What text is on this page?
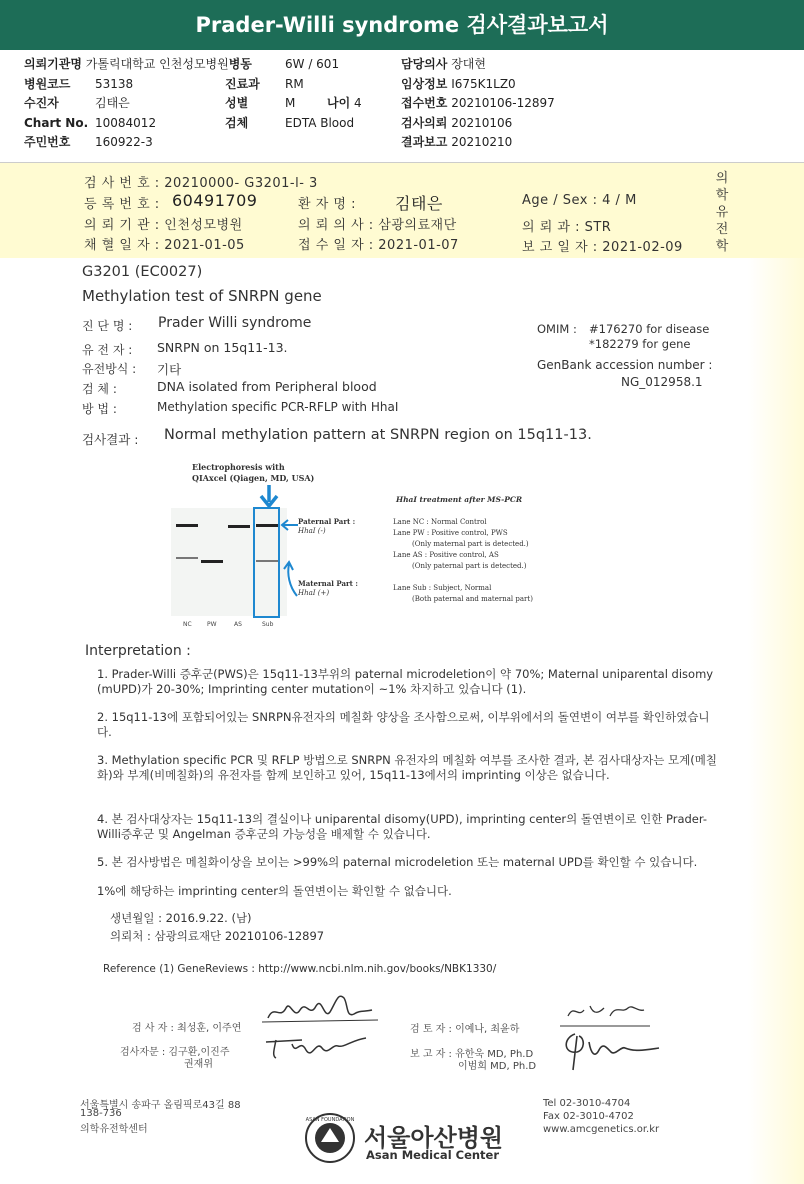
Prader-Willi syndrome 검사결과보고서
의뢰기관명 가톨릭대학교 인천성모병원병동	6W / 601	담당의사 장대현
병원코드 53138	진료과 RM	임상정보 I675K1LZ0
수진자	김태은	성별	M	나이 4	접수번호 20210106-12897
Chart No. 10084012	검체	EDTA Blood	검사의뢰 20210106
주민번호 160922-3	결과보고 20210210
검 사 번 호 : 20210000- G3201-l- 3
등 록 번 호 : 60491709	환 자 명 : 김태은	Age / Sex : 4 / M
의 뢰 기 관 : 인천성모병원	의 뢰 의 사 : 삼광의료재단	의 뢰 과 : STR
채 혈 일 자 : 2021-01-05	접 수 일 자 : 2021-01-07	보 고 일 자 : 2021-02-09
의
학
유
전
학
G3201 (EC0027)
Methylation test of SNRPN gene
진 단 명 : Prader Willi syndrome
유 전 자 : SNRPN on 15q11-13.
유전방식 : 기타
검 체 :	DNA isolated from Peripheral blood
방 법 :	Methylation specific PCR-RFLP with HhaI
OMIM : #176270 for disease
*182279 for gene
GenBank accession number :
NG_012958.1
검사결과 : Normal methylation pattern at SNRPN region on 15q11-13.
Electrophoresis with
QIAxcel (Qiagen, MD, USA)
NC	PW	AS	Sub
Paternal Part :
HhaI (-)
Maternal Part :
HhaI (+)
HhaI treatment after MS-PCR
Lane NC : Normal Control
Lane PW : Positive control, PWS
(Only maternal part is detected.)
Lane AS : Positive control, AS
(Only paternal part is detected.)
Lane Sub : Subject, Normal
(Both paternal and maternal part)
Interpretation :
1. Prader-Willi 증후군(PWS)은 15q11-13부위의 paternal microdeletion이 약 70%; Maternal uniparental disomy (mUPD)가 20-30%; Imprinting center mutation이 ~1% 차지하고 있습니다 (1).
2. 15q11-13에 포함되어있는 SNRPN유전자의 메칠화 양상을 조사함으로써, 이부위에서의 돌연변이 여부를 확인하였습니다.
3. Methylation specific PCR 및 RFLP 방법으로 SNRPN 유전자의 메칠화 여부를 조사한 결과, 본 검사대상자는 모계(메칠화)와 부계(비메칠화)의 유전자를 함께 보인하고 있어, 15q11-13에서의 imprinting 이상은 없습니다.
4. 본 검사대상자는 15q11-13의 결실이나 uniparental disomy(UPD), imprinting center의 돌연변이로 인한 Prader-Willi증후군 및 Angelman 증후군의 가능성을 배제할 수 있습니다.
5. 본 검사방법은 메칠화이상을 보이는 >99%의 paternal microdeletion 또는 maternal UPD를 확인할 수 있습니다.
1%에 해당하는 imprinting center의 돌연변이는 확인할 수 없습니다.
생년월일 : 2016.9.22. (남)
의뢰처 : 삼광의료재단 20210106-12897
Reference (1) GeneReviews : http://www.ncbi.nlm.nih.gov/books/NBK1330/
검 사 자 : 최성훈, 이주연	검 토 자 : 이예나, 최윤하
검사자문 : 김구환,이진주
권재위
보 고 자 : 유한욱 MD, Ph.D
이범희 MD, Ph.D
서울특별시 송파구 올림픽로43길 88
138-736
의학유전학센터
Tel 02-3010-4704
Fax 02-3010-4702
www.amcgenetics.or.kr
ASAN FOUNDATION
서울아산병원
Asan Medical Center
